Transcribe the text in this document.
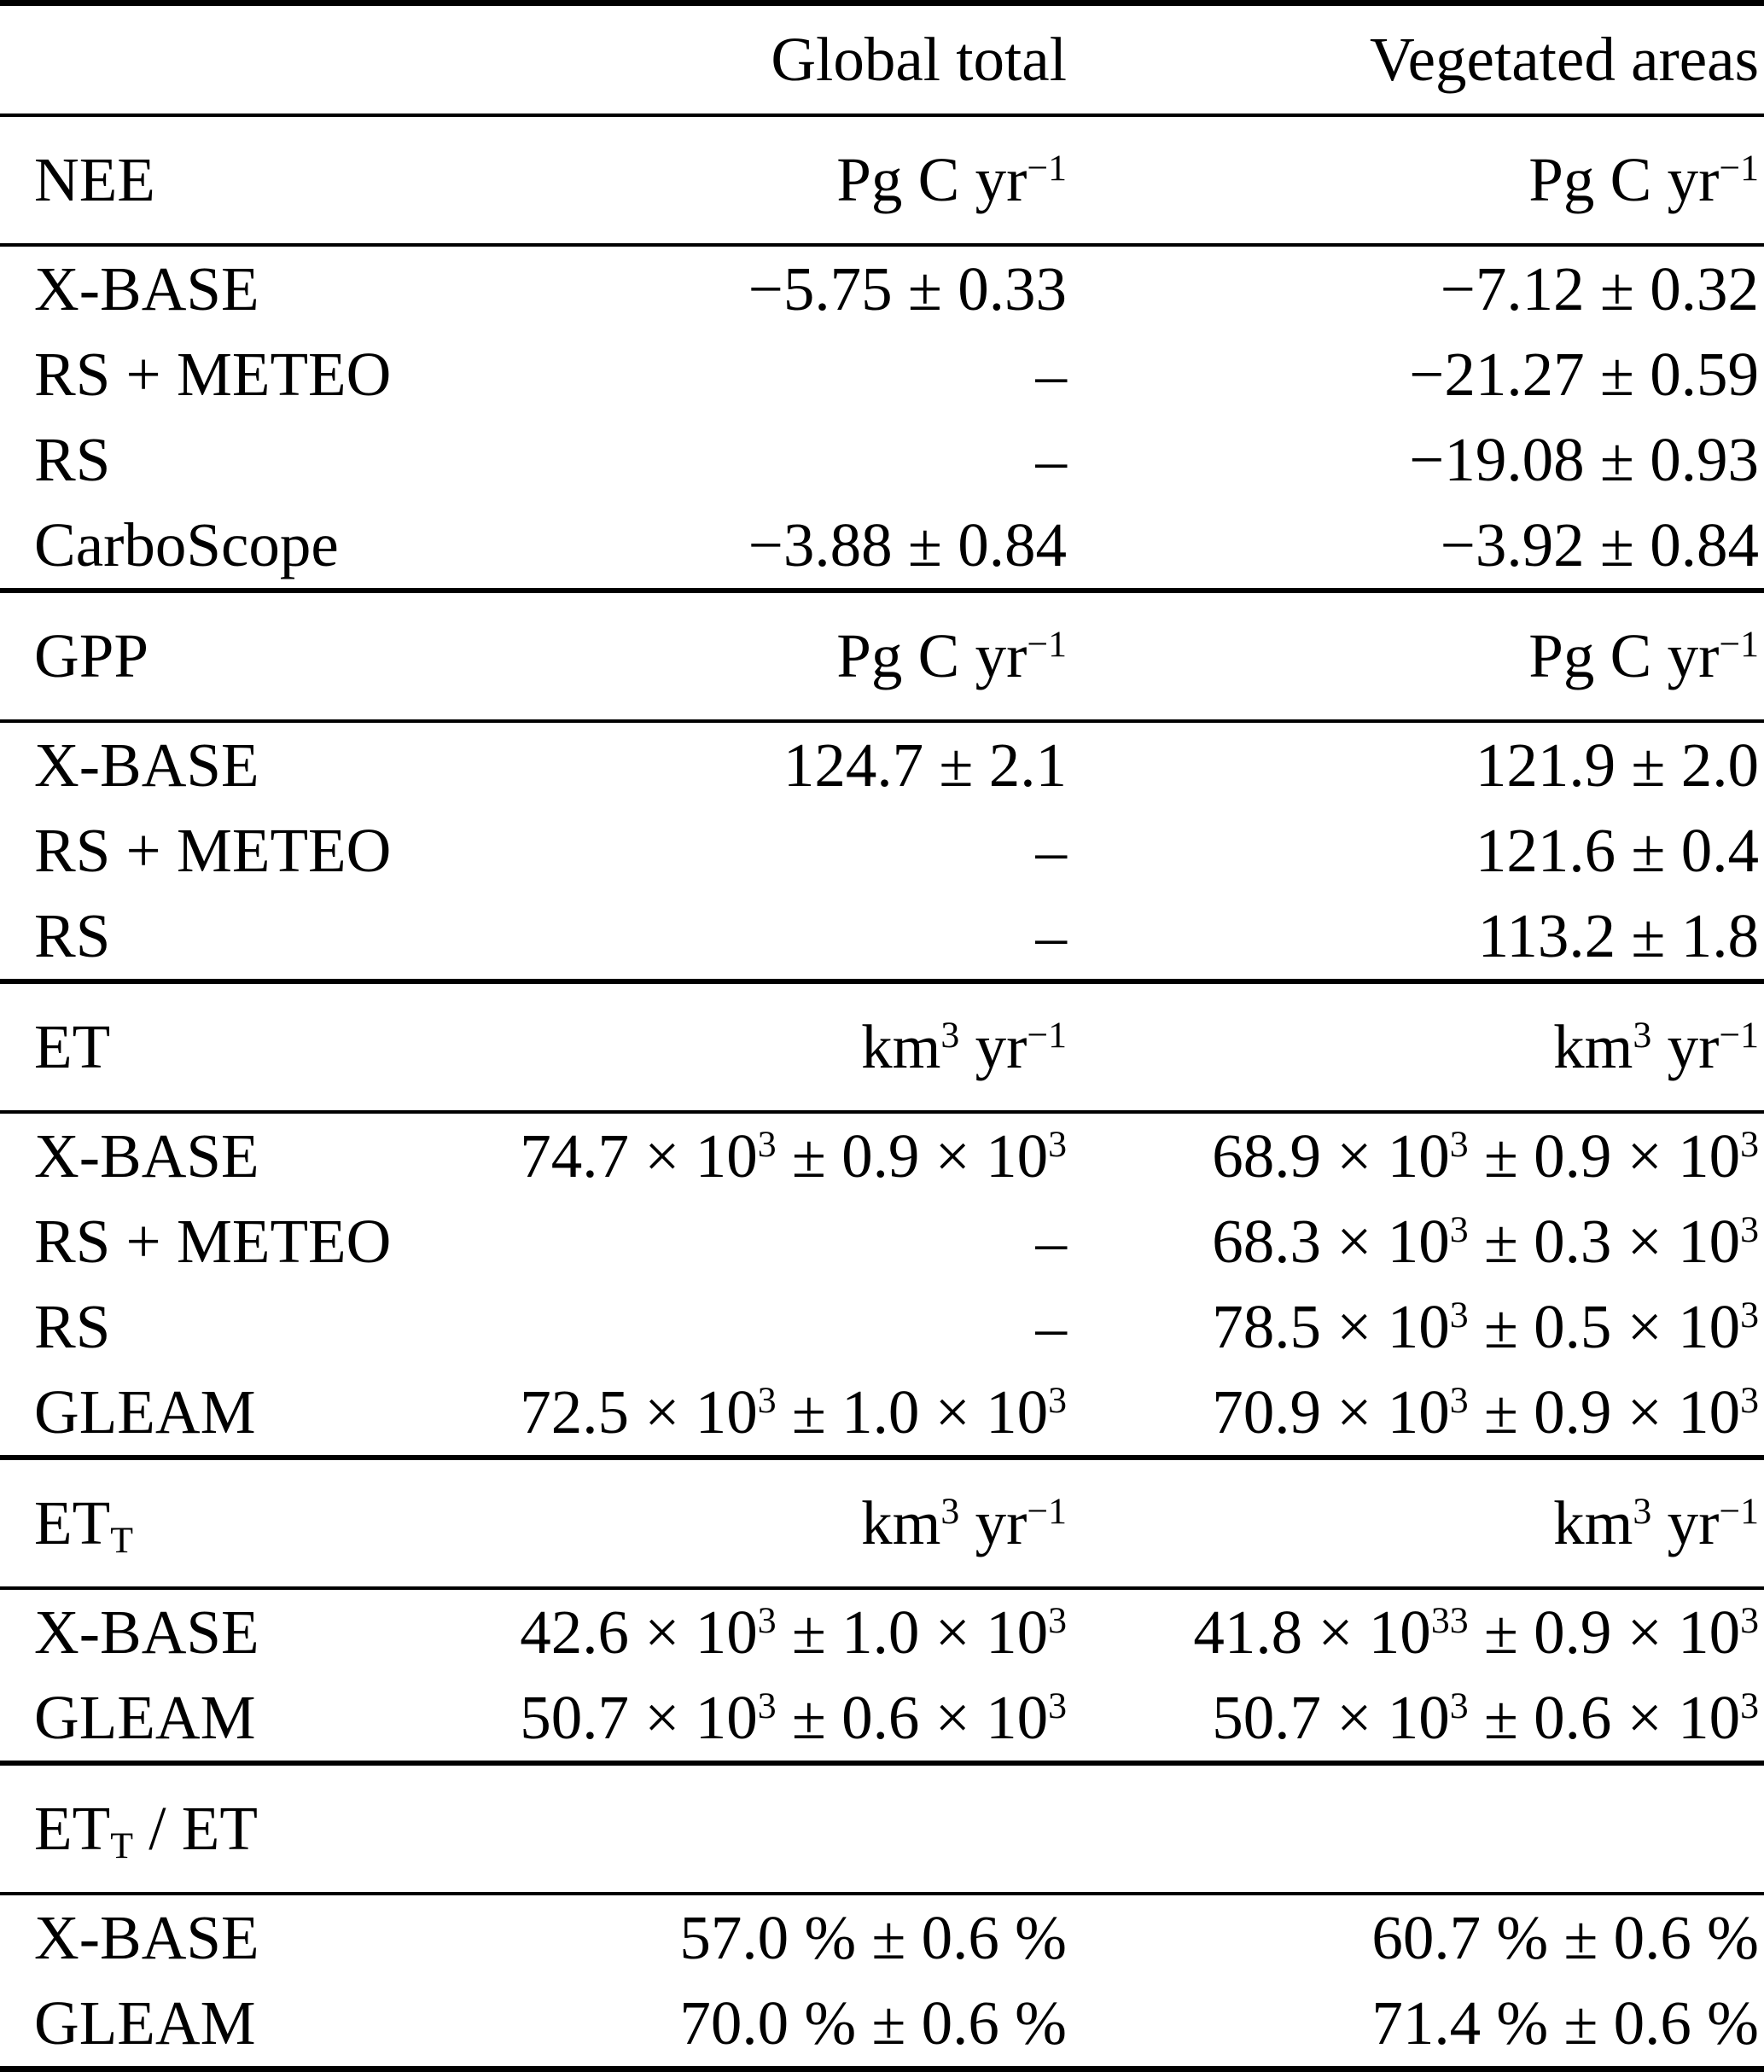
Global total	Vegetated areas
NEE	Pg C $yr^{-1}$	Pg C $yr^{-1}$
X-BASE	−5.75 ± 0.33	−7.12 ± 0.32
RS + METEO	–	−21.27 ± 0.59
RS	–	−19.08 ± 0.93
CarboScope	−3.88 ± 0.84	−3.92 ± 0.84
GPP	Pg C $yr^{-1}$	Pg C $yr^{-1}$
X-BASE	124.7 ± 2.1	121.9 ± 2.0
RS + METEO	–	121.6 ± 0.4
RS	–	113.2 ± 1.8
ET	$km^3$ $yr^{-1}$	$km^3$ $yr^{-1}$
X-BASE	$74.7 \times 10^3 \pm 0.9 \times 10^3$	$68.9 \times 10^3 \pm 0.9 \times 10^3$
RS + METEO	–	$68.3 \times 10^3 \pm 0.3 \times 10^3$
RS	–	$78.5 \times 10^3 \pm 0.5 \times 10^3$
GLEAM	$72.5 \times 10^3 \pm 1.0 \times 10^3$	$70.9 \times 10^3 \pm 0.9 \times 10^3$
$ET_T$	$km^3$ $yr^{-1}$	$km^3$ $yr^{-1}$
X-BASE	$42.6 \times 10^3 \pm 1.0 \times 10^3$	$41.8 \times 10^{33} \pm 0.9 \times 10^3$
GLEAM	$50.7 \times 10^3 \pm 0.6 \times 10^3$	$50.7 \times 10^3 \pm 0.6 \times 10^3$
$ET_T$ / ET
X-BASE	57.0 % ± 0.6 %	60.7 % ± 0.6 %
GLEAM	70.0 % ± 0.6 %	71.4 % ± 0.6 %
